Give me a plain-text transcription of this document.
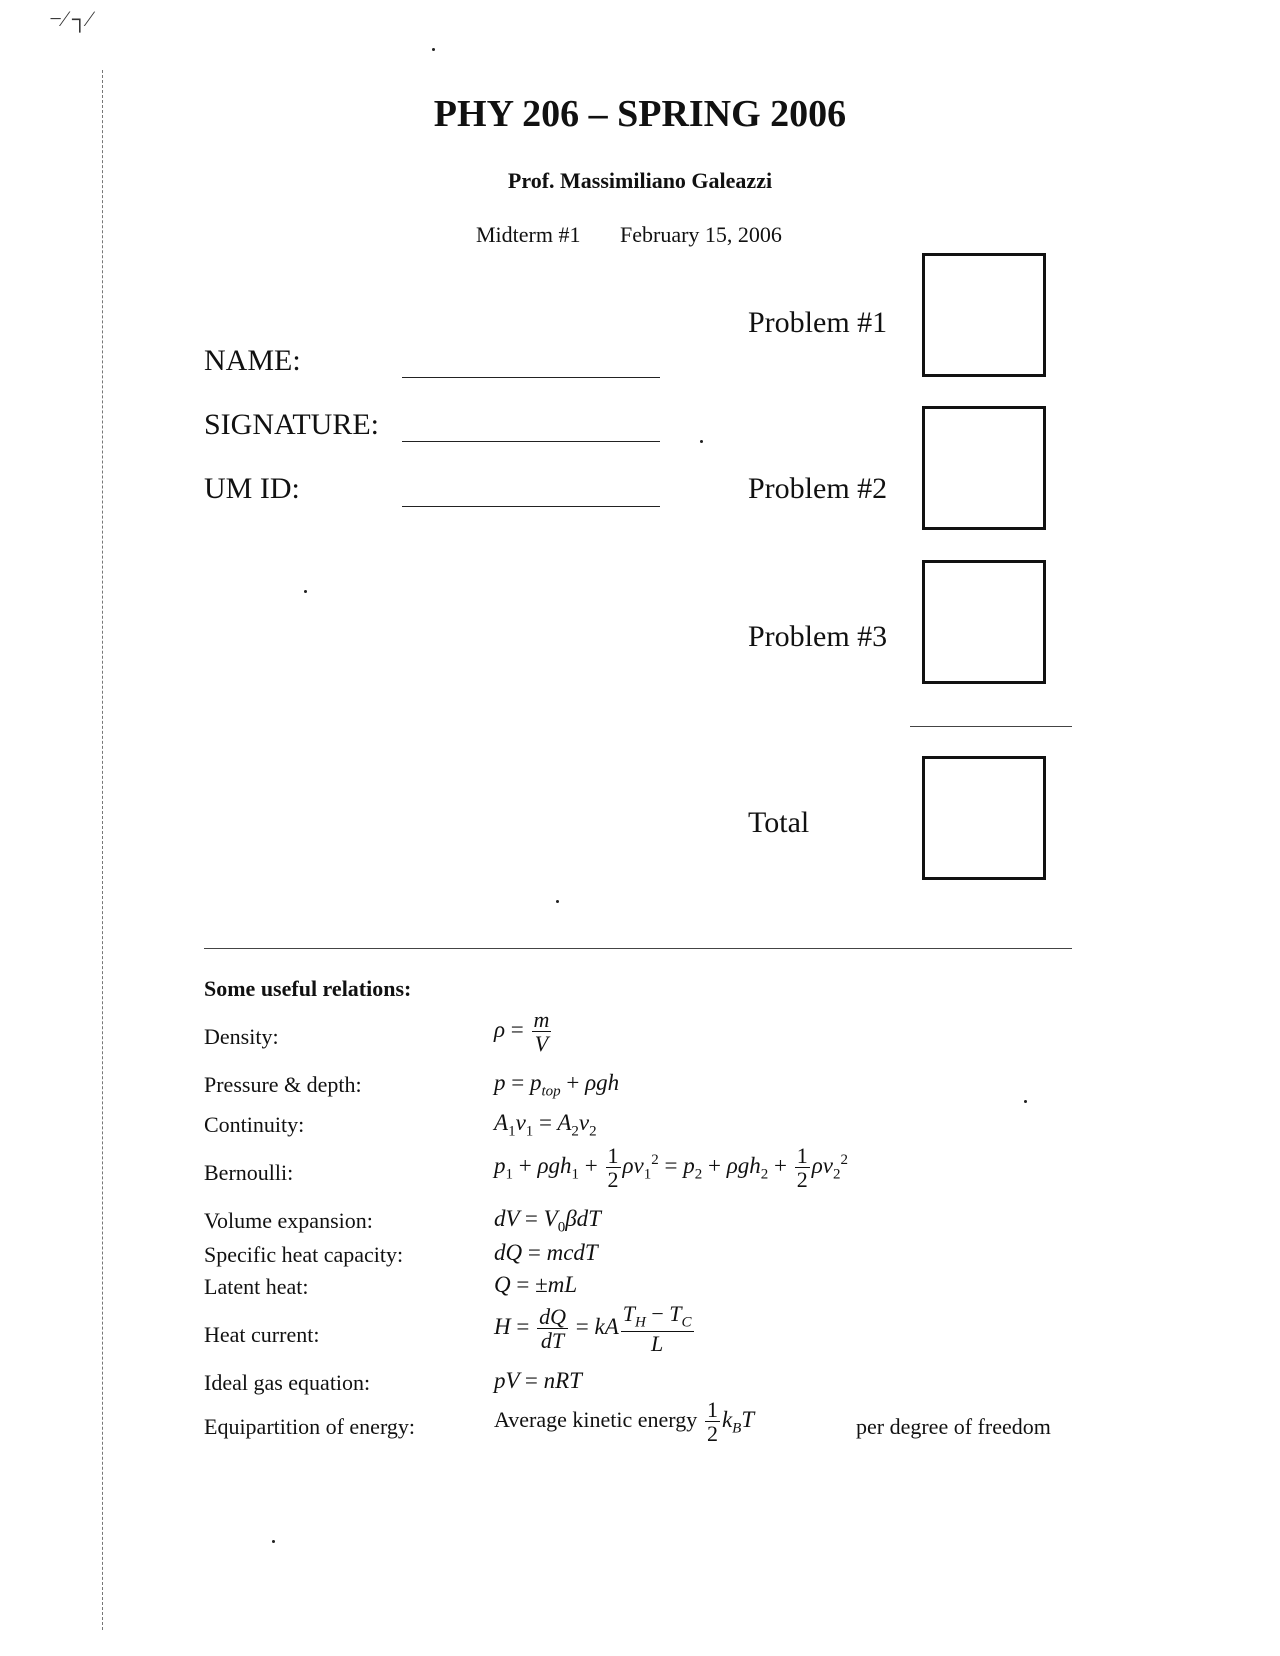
−⁄ ┐∕
PHY 206 – SPRING 2006
Prof. Massimiliano Galeazzi
Midterm #1 February 15, 2006
NAME:
SIGNATURE:
UM ID:
Problem #1
Problem #2
Problem #3
Total
Some useful relations:
Density:	$\rho = \frac{m}{V}$
Pressure & depth:	$p = p_{top} + \rho gh$
Continuity:	$A_1v_1 = A_2v_2$
Bernoulli:	$p_1 + \rho gh_1 + \frac{1}{2} \rho v_1^2 = p_2 + \rho gh_2 + \frac{1}{2} \rho v_2^2$
Volume expansion:	dV = $V_0\beta dT$
Specific heat capacity:	dQ = mcdT
Latent heat:	Q = ±mL
Heat current:	$H = \frac{dQ}{dT}$ = kA $\frac{T_H - T_C}{L}$
Ideal gas equation:	pV = nRT
Equipartition of energy:	Average kinetic energy $\frac{1}{2} k_BT$	per degree of freedom
